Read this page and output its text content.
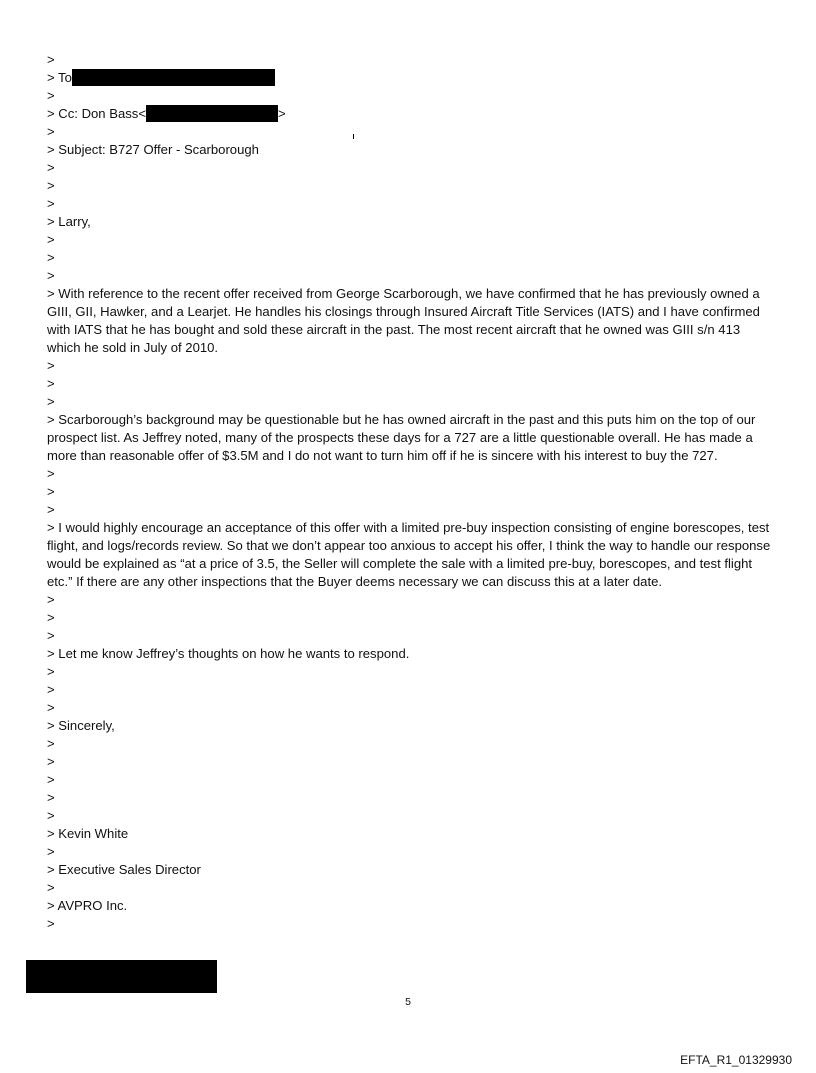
>
> To
>
> Cc: Don Bass<	>
>
> Subject: B727 Offer - Scarborough
>
>
>
> Larry,
>
>
>
> With reference to the recent offer received from George Scarborough, we have confirmed that he has previously owned a GIII, GII, Hawker, and a Learjet. He handles his closings through Insured Aircraft Title Services (IATS) and I have confirmed with IATS that he has bought and sold these aircraft in the past. The most recent aircraft that he owned was GIII s/n 413 which he sold in July of 2010.
>
>
>
> Scarborough’s background may be questionable but he has owned aircraft in the past and this puts him on the top of our prospect list. As Jeffrey noted, many of the prospects these days for a 727 are a little questionable overall. He has made a more than reasonable offer of $3.5M and I do not want to turn him off if he is sincere with his interest to buy the 727.
>
>
>
> I would highly encourage an acceptance of this offer with a limited pre-buy inspection consisting of engine borescopes, test flight, and logs/records review. So that we don’t appear too anxious to accept his offer, I think the way to handle our response would be explained as “at a price of 3.5, the Seller will complete the sale with a limited pre-buy, borescopes, and test flight etc.” If there are any other inspections that the Buyer deems necessary we can discuss this at a later date.
>
>
>
> Let me know Jeffrey’s thoughts on how he wants to respond.
>
>
>
> Sincerely,
>
>
>
>
>
> Kevin White
>
> Executive Sales Director
>
> AVPRO Inc.
>
5
EFTA_R1_01329930
